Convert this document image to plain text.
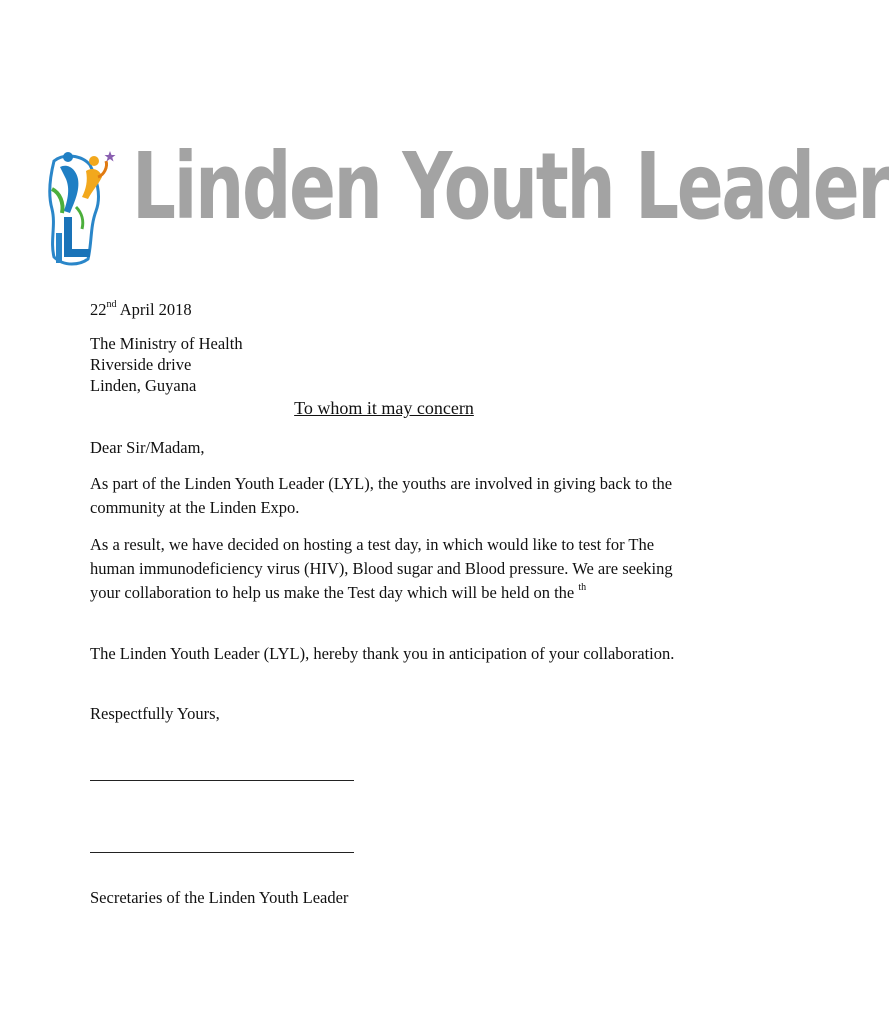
Linden Youth Leader
22nd April 2018
The Ministry of Health
Riverside drive
Linden, Guyana
To whom it may concern
Dear Sir/Madam,
As part of the Linden Youth Leader (LYL), the youths are involved in giving back to the community at the Linden Expo.
As a result, we have decided on hosting a test day, in which would like to test for The human immunodeficiency virus (HIV), Blood sugar and Blood pressure. We are seeking your collaboration to help us make the Test day which will be held on the $^{th}$
The Linden Youth Leader (LYL), hereby thank you in anticipation of your collaboration.
Respectfully Yours,
Secretaries of the Linden Youth Leader
